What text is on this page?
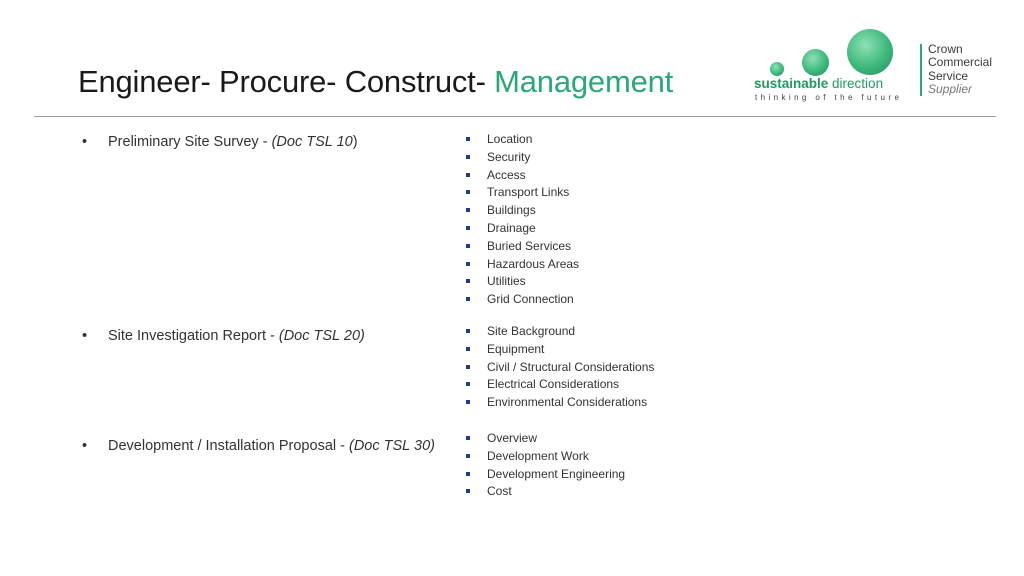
Engineer- Procure- Construct- Management	sustainable direction
thinking of the future
Crown
Commercial
Service
Supplier
• Preliminary Site Survey - (Doc TSL 10)	Location
Security
Access
Transport Links
Buildings
Drainage
Buried Services
Hazardous Areas
Utilities
Grid Connection
• Site Investigation Report - (Doc TSL 20)	Site Background
Equipment
Civil / Structural Considerations
Electrical Considerations
Environmental Considerations
• Development / Installation Proposal - (Doc TSL 30)	Overview
Development Work
Development Engineering
Cost
